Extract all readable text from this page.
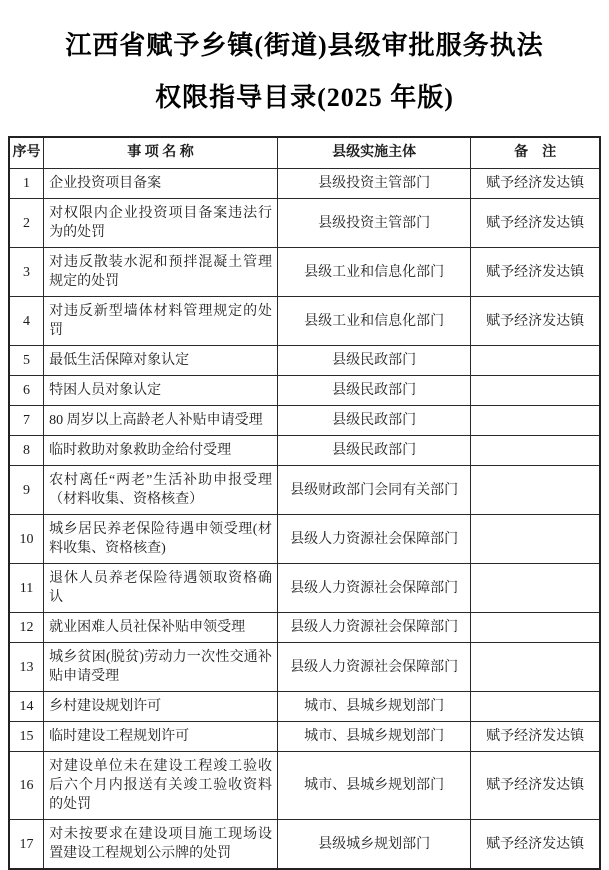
江西省赋予乡镇(街道)县级审批服务执法
权限指导目录(2025 年版)
序号	事 项 名 称	县级实施主体	备　注
1	企业投资项目备案	县级投资主管部门	赋予经济发达镇
2	对权限内企业投资项目备案违法行为的处罚	县级投资主管部门	赋予经济发达镇
3	对违反散装水泥和预拌混凝土管理规定的处罚	县级工业和信息化部门	赋予经济发达镇
4	对违反新型墙体材料管理规定的处罚	县级工业和信息化部门	赋予经济发达镇
5	最低生活保障对象认定	县级民政部门	
6	特困人员对象认定	县级民政部门	
7	80 周岁以上高龄老人补贴申请受理	县级民政部门	
8	临时救助对象救助金给付受理	县级民政部门	
9	农村离任“两老”生活补助申报受理（材料收集、资格核查）	县级财政部门会同有关部门	
10	城乡居民养老保险待遇申领受理(材料收集、资格核查)	县级人力资源社会保障部门	
11	退休人员养老保险待遇领取资格确认	县级人力资源社会保障部门	
12	就业困难人员社保补贴申领受理	县级人力资源社会保障部门	
13	城乡贫困(脱贫)劳动力一次性交通补贴申请受理	县级人力资源社会保障部门	
14	乡村建设规划许可	城市、县城乡规划部门	
15	临时建设工程规划许可	城市、县城乡规划部门	赋予经济发达镇
16	对建设单位未在建设工程竣工验收后六个月内报送有关竣工验收资料的处罚	城市、县城乡规划部门	赋予经济发达镇
17	对未按要求在建设项目施工现场设置建设工程规划公示牌的处罚	县级城乡规划部门	赋予经济发达镇
